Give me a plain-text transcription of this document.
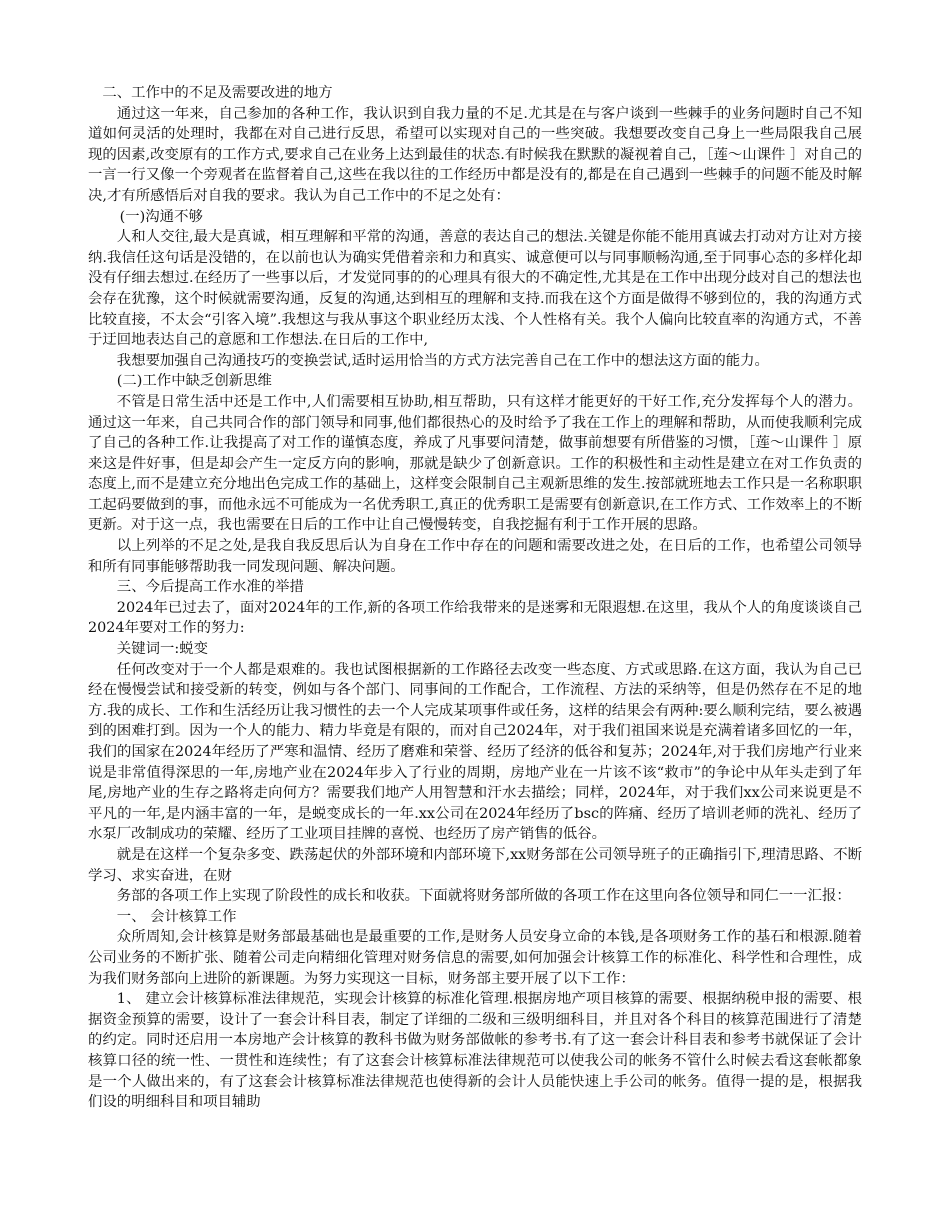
二、工作中的不足及需要改进的地方

通过这一年来，自己参加的各种工作，我认识到自我力量的不足.尤其是在与客户谈到一些棘手的业务问题时自己不知道如何灵活的处理时，我都在对自己进行反思，希望可以实现对自己的一些突破。我想要改变自己身上一些局限我自己展现的因素,改变原有的工作方式,要求自己在业务上达到最佳的状态.有时候我在默默的凝视着自己，［莲～山课件 ］对自己的一言一行又像一个旁观者在监督着自己,这些在我以往的工作经历中都是没有的,都是在自己遇到一些棘手的问题不能及时解决,才有所感悟后对自我的要求。我认为自己工作中的不足之处有：

(一)沟通不够

人和人交往,最大是真诚，相互理解和平常的沟通，善意的表达自己的想法.关键是你能不能用真诚去打动对方让对方接纳.我信任这句话是没错的，在以前也认为确实凭借着亲和力和真实、诚意便可以与同事顺畅沟通,至于同事心态的多样化却没有仔细去想过.在经历了一些事以后，才发觉同事的的心理具有很大的不确定性,尤其是在工作中出现分歧对自己的想法也会存在犹豫，这个时候就需要沟通，反复的沟通,达到相互的理解和支持.而我在这个方面是做得不够到位的，我的沟通方式比较直接，不太会“引客入境”.我想这与我从事这个职业经历太浅、个人性格有关。我个人偏向比较直率的沟通方式，不善于迂回地表达自己的意愿和工作想法.在日后的工作中,

我想要加强自己沟通技巧的变换尝试,适时运用恰当的方式方法完善自己在工作中的想法这方面的能力。

(二)工作中缺乏创新思维

不管是日常生活中还是工作中,人们需要相互协助,相互帮助，只有这样才能更好的干好工作,充分发挥每个人的潜力。通过这一年来，自己共同合作的部门领导和同事,他们都很热心的及时给予了我在工作上的理解和帮助，从而使我顺利完成了自己的各种工作.让我提高了对工作的谨慎态度，养成了凡事要问清楚，做事前想要有所借鉴的习惯，［莲～山课件 ］原来这是件好事，但是却会产生一定反方向的影响，那就是缺少了创新意识。工作的积极性和主动性是建立在对工作负责的态度上,而不是建立充分地出色完成工作的基础上，这样变会限制自己主观新思维的发生.按部就班地去工作只是一名称职职工起码要做到的事，而他永远不可能成为一名优秀职工,真正的优秀职工是需要有创新意识,在工作方式、工作效率上的不断更新。对于这一点，我也需要在日后的工作中让自己慢慢转变，自我挖掘有利于工作开展的思路。

以上列举的不足之处,是我自我反思后认为自身在工作中存在的问题和需要改进之处，在日后的工作，也希望公司领导和所有同事能够帮助我一同发现问题、解决问题。

三、今后提高工作水准的举措

2024年已过去了，面对2024年的工作,新的各项工作给我带来的是迷雾和无限遐想.在这里，我从个人的角度谈谈自己2024年要对工作的努力:

关键词一:蜕变

任何改变对于一个人都是艰难的。我也试图根据新的工作路径去改变一些态度、方式或思路.在这方面，我认为自己已经在慢慢尝试和接受新的转变，例如与各个部门、同事间的工作配合，工作流程、方法的采纳等，但是仍然存在不足的地方.我的成长、工作和生活经历让我习惯性的去一个人完成某项事件或任务，这样的结果会有两种:要么顺利完结，要么被遇到的困难打到。因为一个人的能力、精力毕竟是有限的，而对自己2024年，对于我们祖国来说是充满着诸多回忆的一年，我们的国家在2024年经历了严寒和温情、经历了磨难和荣誉、经历了经济的低谷和复苏；2024年,对于我们房地产行业来说是非常值得深思的一年,房地产业在2024年步入了行业的周期，房地产业在一片该不该“救市”的争论中从年头走到了年尾,房地产业的生存之路将走向何方？需要我们地产人用智慧和汗水去描绘；同样，2024年，对于我们xx公司来说更是不平凡的一年,是内涵丰富的一年，是蜕变成长的一年.xx公司在2024年经历了bsc的阵痛、经历了培训老师的洗礼、经历了水泵厂改制成功的荣耀、经历了工业项目挂牌的喜悦、也经历了房产销售的低谷。

就是在这样一个复杂多变、跌荡起伏的外部环境和内部环境下,xx财务部在公司领导班子的正确指引下,理清思路、不断学习、求实奋进，在财

务部的各项工作上实现了阶段性的成长和收获。下面就将财务部所做的各项工作在这里向各位领导和同仁一一汇报：

一、 会计核算工作

众所周知,会计核算是财务部最基础也是最重要的工作,是财务人员安身立命的本钱,是各项财务工作的基石和根源.随着公司业务的不断扩张、随着公司走向精细化管理对财务信息的需要,如何加强会计核算工作的标准化、科学性和合理性，成为我们财务部向上进阶的新课题。为努力实现这一目标，财务部主要开展了以下工作：

1、 建立会计核算标准法律规范，实现会计核算的标准化管理.根据房地产项目核算的需要、根据纳税申报的需要、根据资金预算的需要，设计了一套会计科目表，制定了详细的二级和三级明细科目，并且对各个科目的核算范围进行了清楚的约定。同时还启用一本房地产会计核算的教科书做为财务部做帐的参考书.有了这一套会计科目表和参考书就保证了会计核算口径的统一性、一贯性和连续性；有了这套会计核算标准法律规范可以使我公司的帐务不管什么时候去看这套帐都象是一个人做出来的，有了这套会计核算标准法律规范也使得新的会计人员能快速上手公司的帐务。值得一提的是，根据我们设的明细科目和项目辅助
